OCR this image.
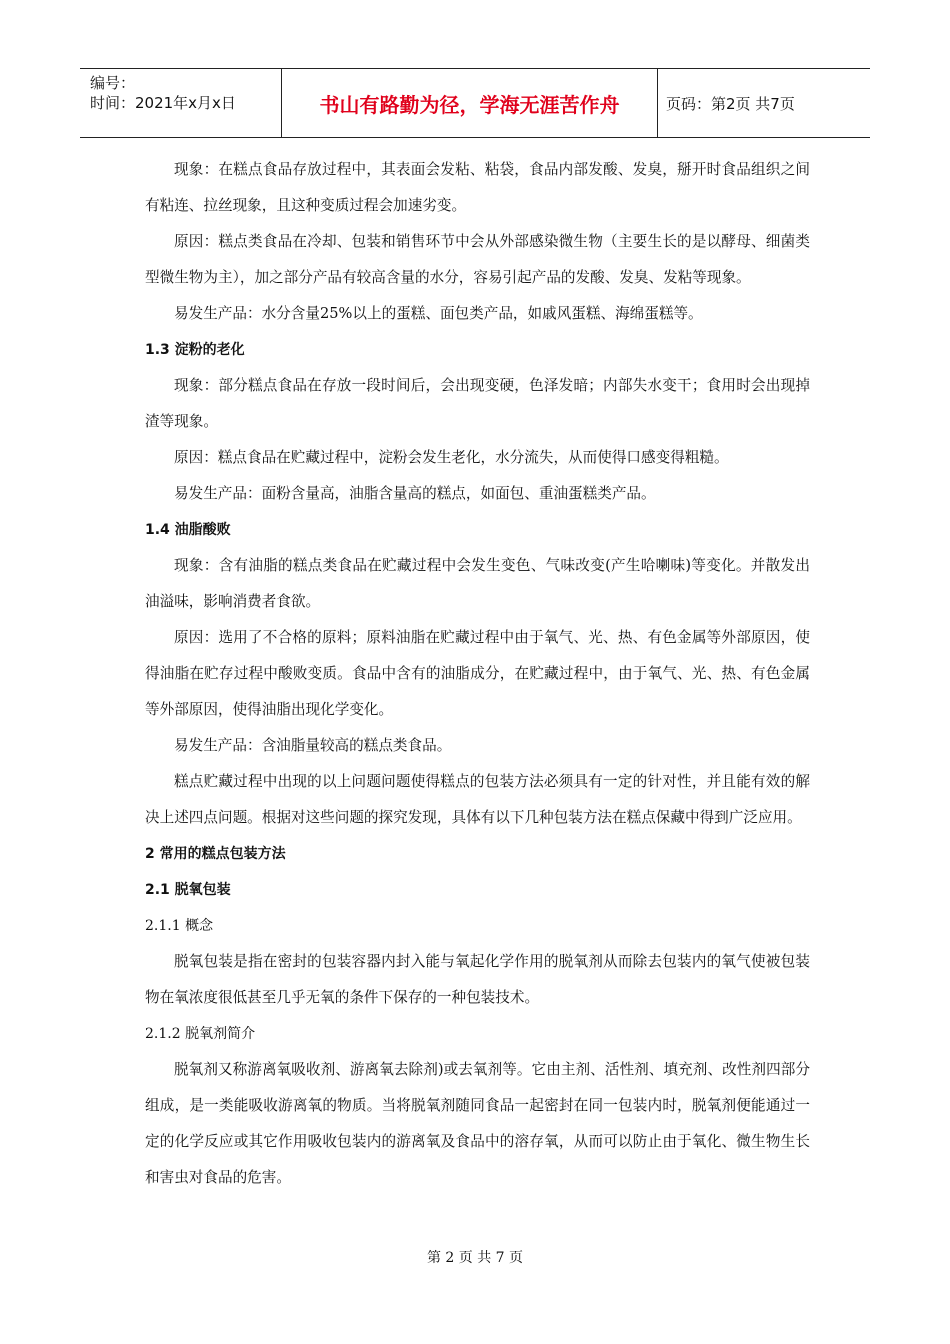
编号：
时间：2021年x月x日	书山有路勤为径，学海无涯苦作舟	页码：第2页 共7页
现象：在糕点食品存放过程中，其表面会发粘、粘袋，食品内部发酸、发臭，掰开时食品组织之间有粘连、拉丝现象，且这种变质过程会加速劣变。
原因：糕点类食品在冷却、包装和销售环节中会从外部感染微生物（主要生长的是以酵母、细菌类型微生物为主），加之部分产品有较高含量的水分，容易引起产品的发酸、发臭、发粘等现象。
易发生产品：水分含量25%以上的蛋糕、面包类产品，如戚风蛋糕、海绵蛋糕等。
1.3 淀粉的老化
现象：部分糕点食品在存放一段时间后，会出现变硬，色泽发暗；内部失水变干；食用时会出现掉渣等现象。
原因：糕点食品在贮藏过程中，淀粉会发生老化，水分流失，从而使得口感变得粗糙。
易发生产品：面粉含量高，油脂含量高的糕点，如面包、重油蛋糕类产品。
1.4 油脂酸败
现象：含有油脂的糕点类食品在贮藏过程中会发生变色、气味改变(产生哈喇味)等变化。并散发出油溢味，影响消费者食欲。
原因：选用了不合格的原料；原料油脂在贮藏过程中由于氧气、光、热、有色金属等外部原因，使得油脂在贮存过程中酸败变质。食品中含有的油脂成分，在贮藏过程中，由于氧气、光、热、有色金属等外部原因，使得油脂出现化学变化。
易发生产品：含油脂量较高的糕点类食品。
糕点贮藏过程中出现的以上问题问题使得糕点的包装方法必须具有一定的针对性，并且能有效的解决上述四点问题。根据对这些问题的探究发现，具体有以下几种包装方法在糕点保藏中得到广泛应用。
2 常用的糕点包装方法
2.1 脱氧包装
2.1.1 概念
脱氧包装是指在密封的包装容器内封入能与氧起化学作用的脱氧剂从而除去包装内的氧气使被包装物在氧浓度很低甚至几乎无氧的条件下保存的一种包装技术。
2.1.2 脱氧剂简介
脱氧剂又称游离氧吸收剂、游离氧去除剂)或去氧剂等。它由主剂、活性剂、填充剂、改性剂四部分组成，是一类能吸收游离氧的物质。当将脱氧剂随同食品一起密封在同一包装内时，脱氧剂便能通过一定的化学反应或其它作用吸收包装内的游离氧及食品中的溶存氧，从而可以防止由于氧化、微生物生长和害虫对食品的危害。
第 2 页 共 7 页
